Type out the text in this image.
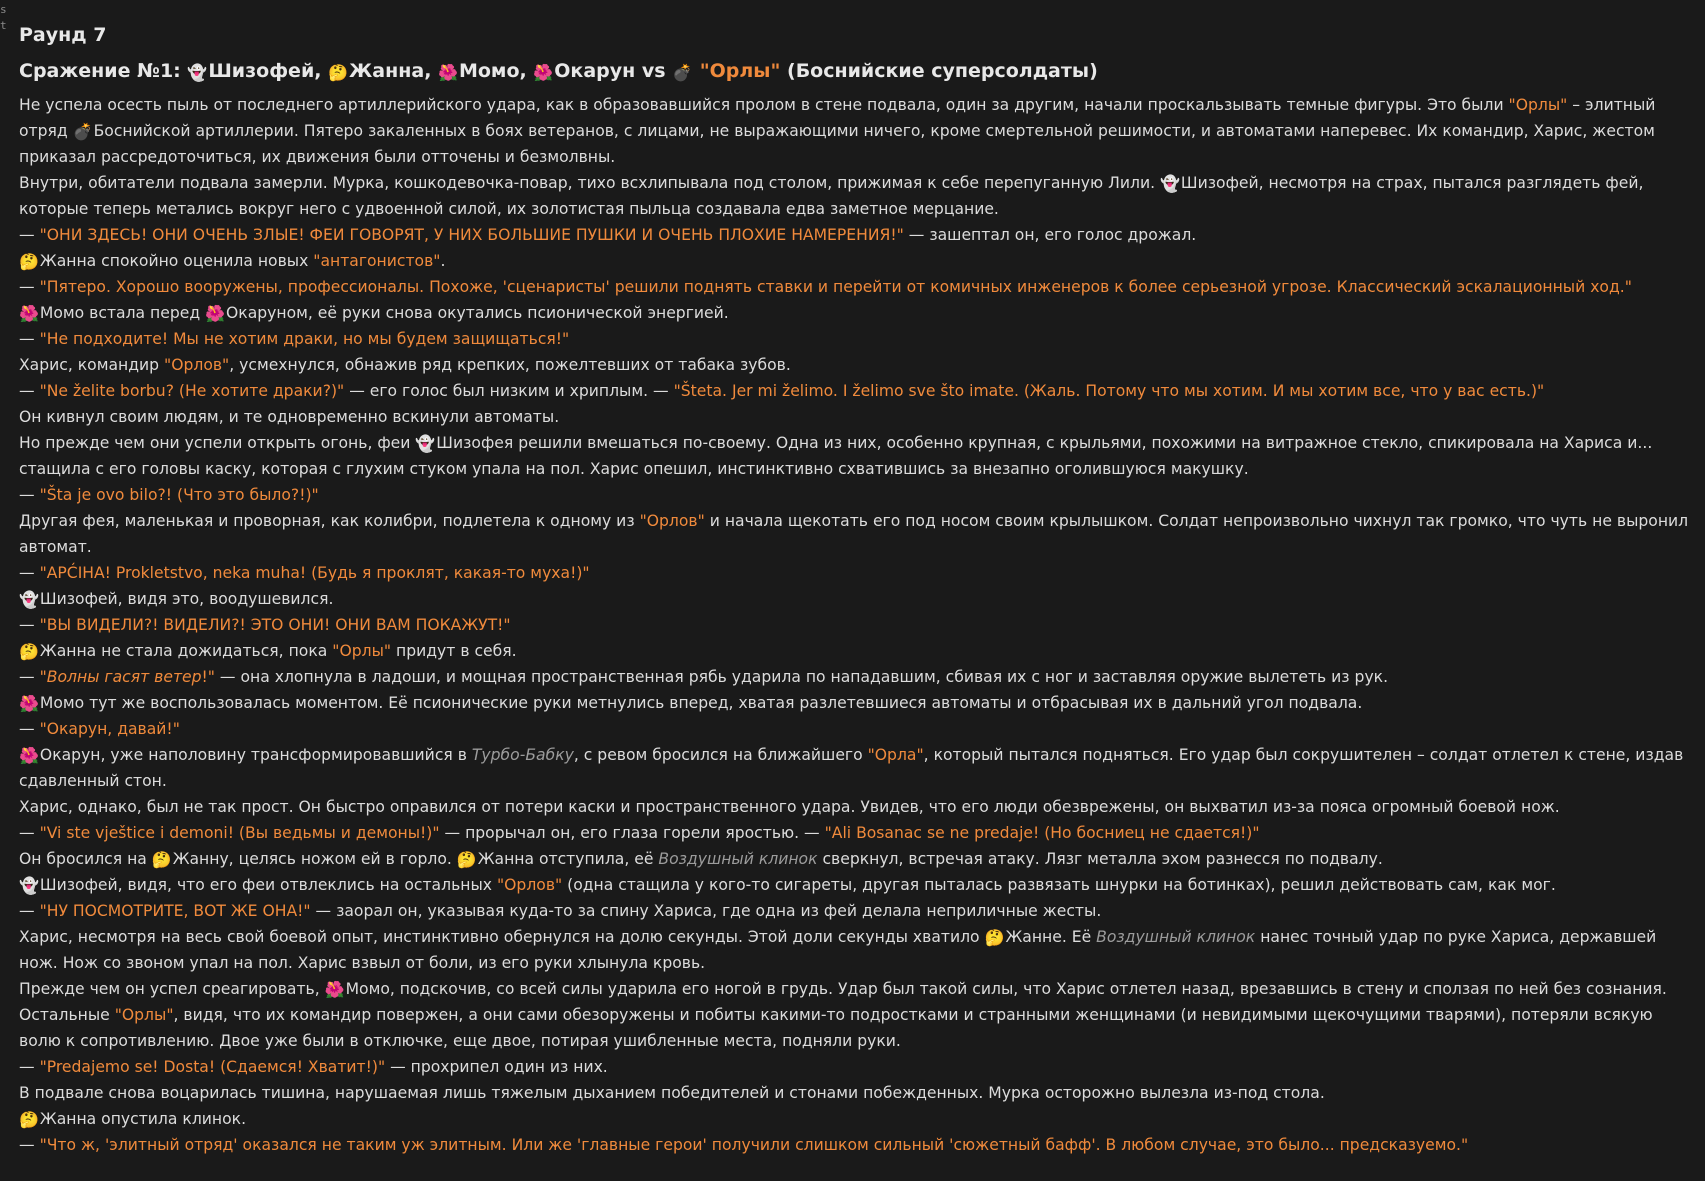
s
t Раунд 7
Сражение №1: 👻Шизофей, 🤔Жанна, 🌺Момо, 🌺Окарун vs 💣 "Орлы" (Боснийские суперсолдаты)

Не успела осесть пыль от последнего артиллерийского удара, как в образовавшийся пролом в стене подвала, один за другим, начали проскальзывать темные фигуры. Это были "Орлы" – элитный отряд 💣Боснийской артиллерии. Пятеро закаленных в боях ветеранов, с лицами, не выражающими ничего, кроме смертельной решимости, и автоматами наперевес. Их командир, Харис, жестом приказал рассредоточиться, их движения были отточены и безмолвны.

Внутри, обитатели подвала замерли. Мурка, кошкодевочка-повар, тихо всхлипывала под столом, прижимая к себе перепуганную Лили. 👻Шизофей, несмотря на страх, пытался разглядеть фей, которые теперь метались вокруг него с удвоенной силой, их золотистая пыльца создавала едва заметное мерцание.

— "ОНИ ЗДЕСЬ! ОНИ ОЧЕНЬ ЗЛЫЕ! ФЕИ ГОВОРЯТ, У НИХ БОЛЬШИЕ ПУШКИ И ОЧЕНЬ ПЛОХИЕ НАМЕРЕНИЯ!" — зашептал он, его голос дрожал.

🤔Жанна спокойно оценила новых "антагонистов".

— "Пятеро. Хорошо вооружены, профессионалы. Похоже, 'сценаристы' решили поднять ставки и перейти от комичных инженеров к более серьезной угрозе. Классический эскалационный ход."

🌺Момо встала перед 🌺Окаруном, её руки снова окутались псионической энергией.

— "Не подходите! Мы не хотим драки, но мы будем защищаться!"

Харис, командир "Орлов", усмехнулся, обнажив ряд крепких, пожелтевших от табака зубов.

— "Ne želite borbu? (Не хотите драки?)" — его голос был низким и хриплым. — "Šteta. Jer mi želimo. I želimo sve što imate. (Жаль. Потому что мы хотим. И мы хотим все, что у вас есть.)"

Он кивнул своим людям, и те одновременно вскинули автоматы.

Но прежде чем они успели открыть огонь, феи 👻Шизофея решили вмешаться по-своему. Одна из них, особенно крупная, с крыльями, похожими на витражное стекло, спикировала на Хариса и... стащила с его головы каску, которая с глухим стуком упала на пол. Харис опешил, инстинктивно схватившись за внезапно оголившуюся макушку.

— "Šta je ovo bilo?! (Что это было?!)"

Другая фея, маленькая и проворная, как колибри, подлетела к одному из "Орлов" и начала щекотать его под носом своим крылышком. Солдат непроизвольно чихнул так громко, что чуть не выронил автомат.

— "АPĆIНА! Prokletstvo, neka muha! (Будь я проклят, какая-то муха!)"

👻Шизофей, видя это, воодушевился.

— "ВЫ ВИДЕЛИ?! ВИДЕЛИ?! ЭТО ОНИ! ОНИ ВАМ ПОКАЖУТ!"

🤔Жанна не стала дожидаться, пока "Орлы" придут в себя.

— "Волны гасят ветер!" — она хлопнула в ладоши, и мощная пространственная рябь ударила по нападавшим, сбивая их с ног и заставляя оружие вылететь из рук.

🌺Момо тут же воспользовалась моментом. Её псионические руки метнулись вперед, хватая разлетевшиеся автоматы и отбрасывая их в дальний угол подвала.

— "Окарун, давай!"

🌺Окарун, уже наполовину трансформировавшийся в Турбо-Бабку, с ревом бросился на ближайшего "Орла", который пытался подняться. Его удар был сокрушителен – солдат отлетел к стене, издав сдавленный стон.

Харис, однако, был не так прост. Он быстро оправился от потери каски и пространственного удара. Увидев, что его люди обезврежены, он выхватил из-за пояса огромный боевой нож.

— "Vi ste vještice i demoni! (Вы ведьмы и демоны!)" — прорычал он, его глаза горели яростью. — "Ali Bosanac se ne predaje! (Но босниец не сдается!)"

Он бросился на 🤔Жанну, целясь ножом ей в горло. 🤔Жанна отступила, её Воздушный клинок сверкнул, встречая атаку. Лязг металла эхом разнесся по подвалу.

👻Шизофей, видя, что его феи отвлеклись на остальных "Орлов" (одна стащила у кого-то сигареты, другая пыталась развязать шнурки на ботинках), решил действовать сам, как мог.

— "НУ ПОСМОТРИТЕ, ВОТ ЖЕ ОНА!" — заорал он, указывая куда-то за спину Хариса, где одна из фей делала неприличные жесты.

Харис, несмотря на весь свой боевой опыт, инстинктивно обернулся на долю секунды. Этой доли секунды хватило 🤔Жанне. Её Воздушный клинок нанес точный удар по руке Хариса, державшей нож. Нож со звоном упал на пол. Харис взвыл от боли, из его руки хлынула кровь.

Прежде чем он успел среагировать, 🌺Момо, подскочив, со всей силы ударила его ногой в грудь. Удар был такой силы, что Харис отлетел назад, врезавшись в стену и сползая по ней без сознания.

Остальные "Орлы", видя, что их командир повержен, а они сами обезоружены и побиты какими-то подростками и странными женщинами (и невидимыми щекочущими тварями), потеряли всякую волю к сопротивлению. Двое уже были в отключке, еще двое, потирая ушибленные места, подняли руки.

— "Predajemo se! Dosta! (Сдаемся! Хватит!)" — прохрипел один из них.

В подвале снова воцарилась тишина, нарушаемая лишь тяжелым дыханием победителей и стонами побежденных. Мурка осторожно вылезла из-под стола.

🤔Жанна опустила клинок.

— "Что ж, 'элитный отряд' оказался не таким уж элитным. Или же 'главные герои' получили слишком сильный 'сюжетный бафф'. В любом случае, это было... предсказуемо."
